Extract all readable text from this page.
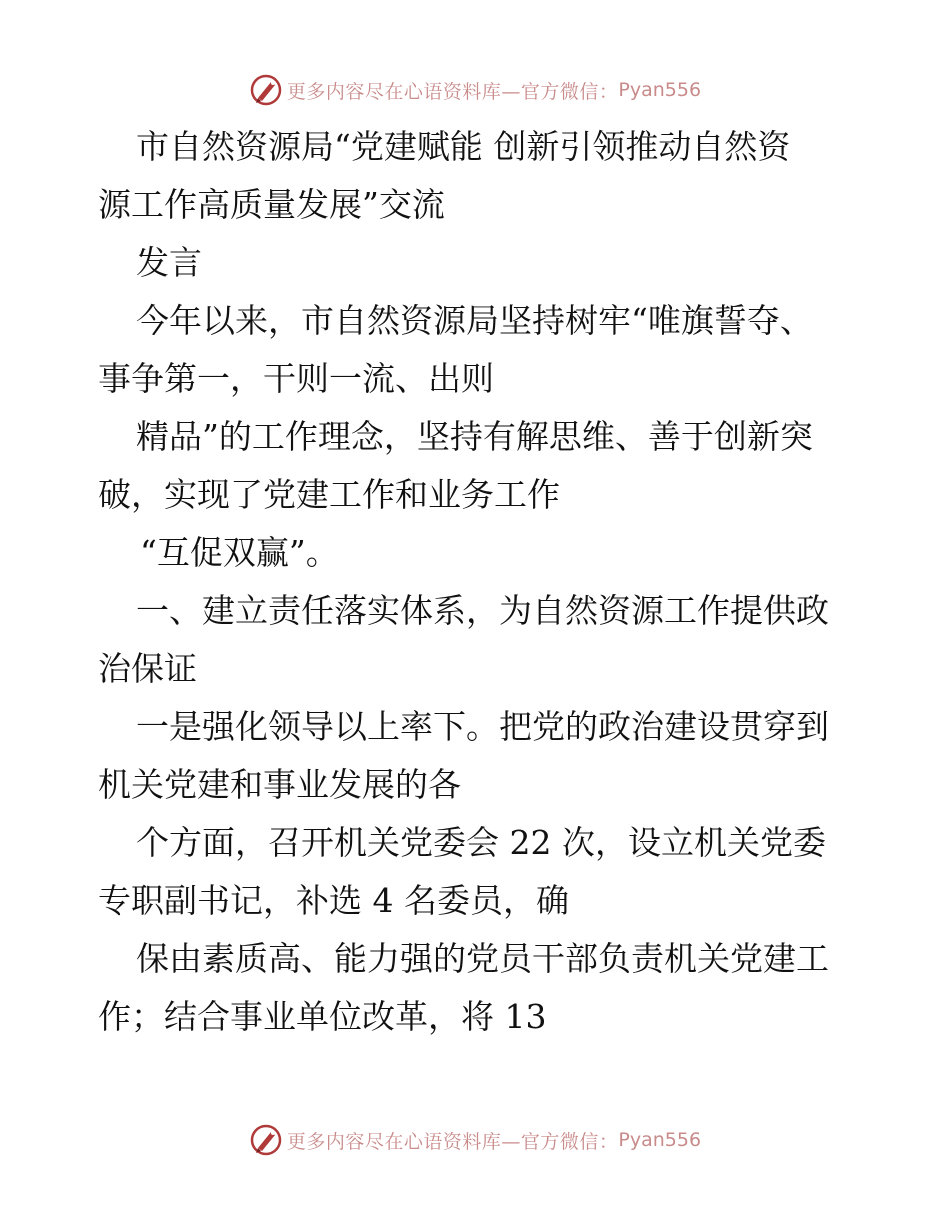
更多内容尽在心语资料库—官方微信： Pyan556
市自然资源局“党建赋能 创新引领推动自然资
源工作高质量发展”交流
发言
今年以来，市自然资源局坚持树牢“唯旗誓夺、
事争第一，干则一流、出则
精品”的工作理念，坚持有解思维、善于创新突
破，实现了党建工作和业务工作
“互促双赢”。
一、建立责任落实体系，为自然资源工作提供政
治保证
一是强化领导以上率下。把党的政治建设贯穿到
机关党建和事业发展的各
个方面，召开机关党委会 22 次，设立机关党委
专职副书记，补选 4 名委员，确
保由素质高、能力强的党员干部负责机关党建工
作；结合事业单位改革，将 13
更多内容尽在心语资料库—官方微信： Pyan556
